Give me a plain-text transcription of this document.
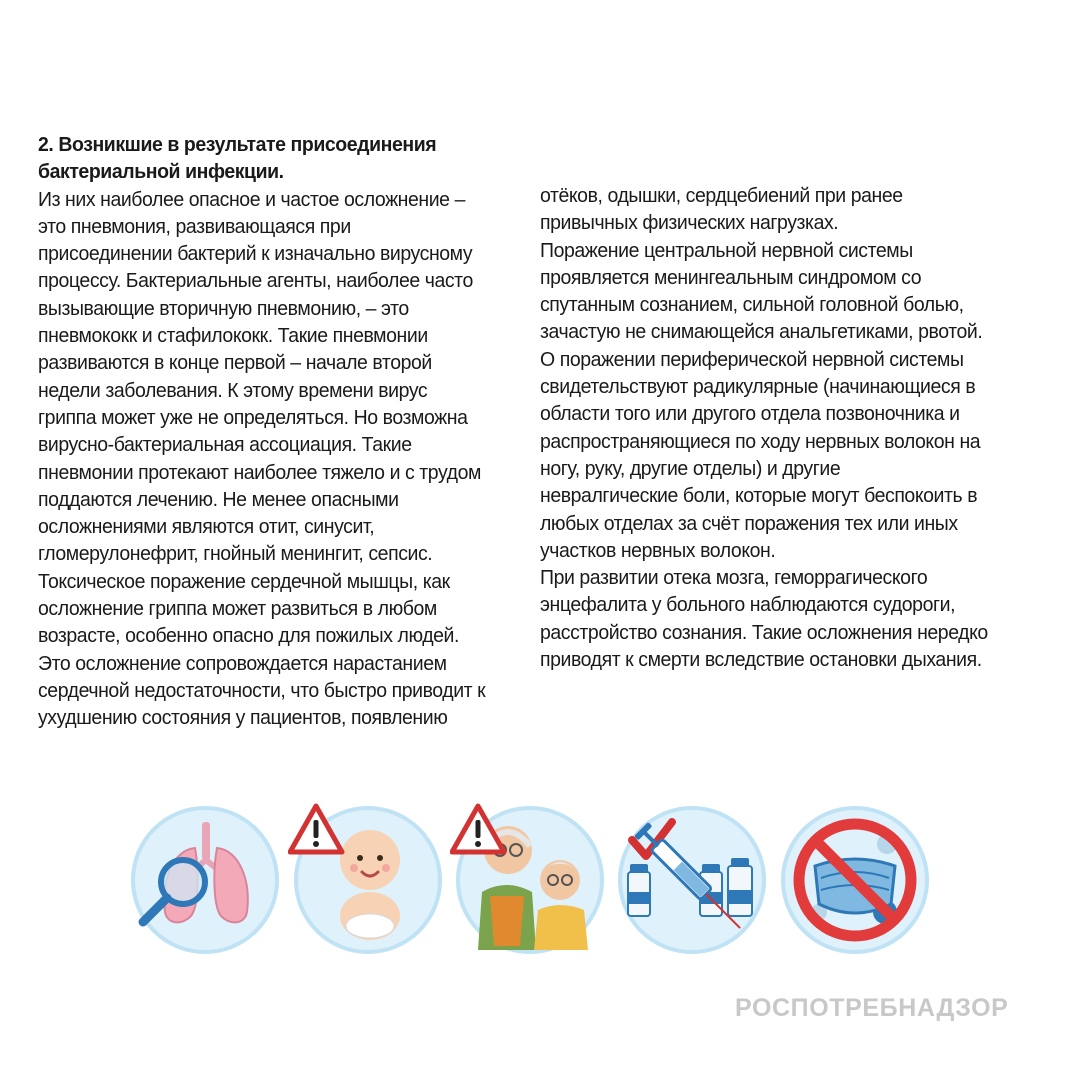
2. Возникшие в результате присоединения

бактериальной инфекции.

Из них наиболее опасное и частое осложнение –

это пневмония, развивающаяся при

присоединении бактерий к изначально вирусному

процессу. Бактериальные агенты, наиболее часто

вызывающие вторичную пневмонию, – это

пневмококк и стафилококк. Такие пневмонии

развиваются в конце первой – начале второй

недели заболевания. К этому времени вирус

гриппа может уже не определяться. Но возможна

вирусно-бактериальная ассоциация. Такие

пневмонии протекают наиболее тяжело и с трудом

поддаются лечению. Не менее опасными

осложнениями являются отит, синусит,

гломерулонефрит, гнойный менингит, сепсис.

Токсическое поражение сердечной мышцы, как

осложнение гриппа может развиться в любом

возрасте, особенно опасно для пожилых людей.

Это осложнение сопровождается нарастанием

сердечной недостаточности, что быстро приводит к

ухудшению состояния у пациентов, появлению

отёков, одышки, сердцебиений при ранее

привычных физических нагрузках.

Поражение центральной нервной системы

проявляется менингеальным синдромом со

спутанным сознанием, сильной головной болью,

зачастую не снимающейся анальгетиками, рвотой.

О поражении периферической нервной системы

свидетельствуют радикулярные (начинающиеся в

области того или другого отдела позвоночника и

распространяющиеся по ходу нервных волокон на

ногу, руку, другие отделы) и другие

невралгические боли, которые могут беспокоить в

любых отделах за счёт поражения тех или иных

участков нервных волокон.

При развитии отека мозга, геморрагического

энцефалита у больного наблюдаются судороги,

расстройство сознания. Такие осложнения нередко

приводят к смерти вследствие остановки дыхания.

РОСПОТРЕБНАДЗОР
